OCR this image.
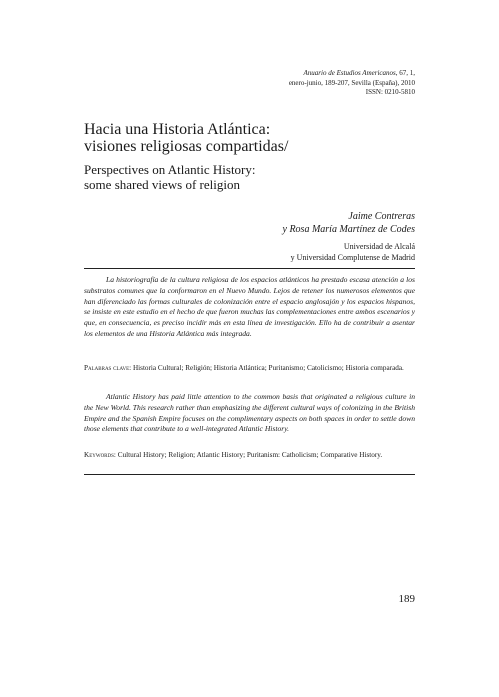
Anuario de Estudios Americanos, 67, 1,
enero-junio, 189-207, Sevilla (España), 2010
ISSN: 0210-5810
Hacia una Historia Atlántica:
visiones religiosas compartidas/
Perspectives on Atlantic History:
some shared views of religion
Jaime Contreras
y Rosa María Martínez de Codes
Universidad de Alcalá
y Universidad Complutense de Madrid

La historiografía de la cultura religiosa de los espacios atlánticos ha prestado escasa atención a los substratos comunes que la conformaron en el Nuevo Mundo. Lejos de retener los numerosos elementos que han diferenciado las formas culturales de colonización entre el espacio anglosajón y los espacios hispanos, se insiste en este estudio en el hecho de que fueron muchas las complementaciones entre ambos escenarios y que, en consecuencia, es preciso incidir más en esta línea de investigación. Ello ha de contribuir a asentar los elementos de una Historia Atlántica más integrada.

Palabras clave: Historia Cultural; Religión; Historia Atlántica; Puritanismo; Catolicismo; Historia comparada.

Atlantic History has paid little attention to the common basis that originated a religious culture in the New World. This research rather than emphasizing the different cultural ways of colonizing in the British Empire and the Spanish Empire focuses on the complimentary aspects on both spaces in order to settle down those elements that contribute to a well-integrated Atlantic History.

Keywords: Cultural History; Religion; Atlantic History; Puritanism: Catholicism; Comparative History.
189
